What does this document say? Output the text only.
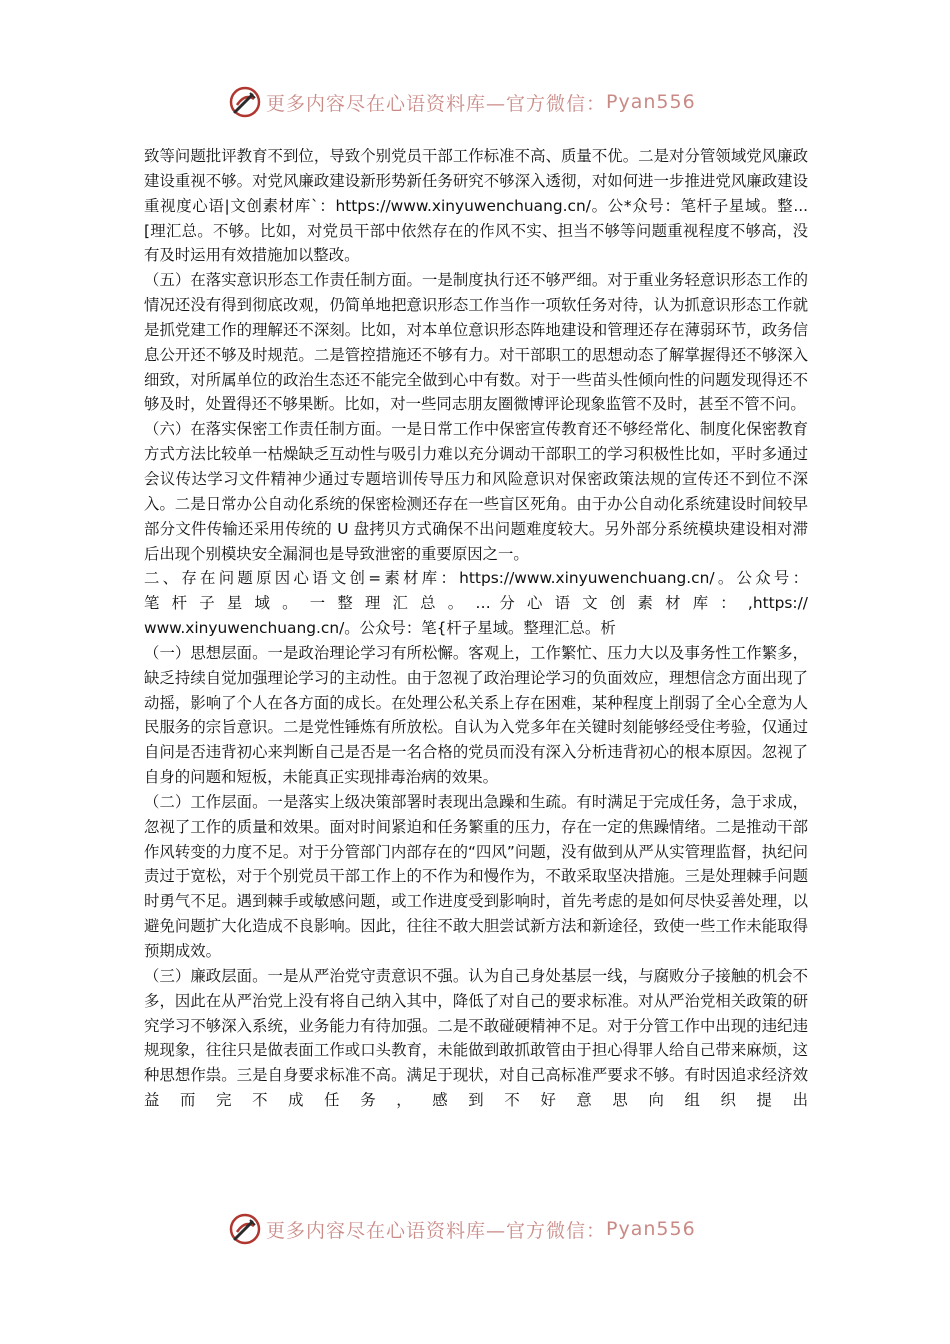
更多内容尽在心语资料库—官方微信： Pyan556

致等问题批评教育不到位，导致个别党员干部工作标准不高、质量不优。二是对分管领域党风廉政建设重视不够。对党风廉政建设新形势新任务研究不够深入透彻，对如何进一步推进党风廉政建设重视度心语|文创素材库`：https://www.xinyuwenchuang.cn/。公*众号：笔杆子星域。整...[理汇总。不够。比如，对党员干部中依然存在的作风不实、担当不够等问题重视程度不够高，没有及时运用有效措施加以整改。

（五）在落实意识形态工作责任制方面。一是制度执行还不够严细。对于重业务轻意识形态工作的情况还没有得到彻底改观，仍简单地把意识形态工作当作一项软任务对待，认为抓意识形态工作就是抓党建工作的理解还不深刻。比如，对本单位意识形态阵地建设和管理还存在薄弱环节，政务信息公开还不够及时规范。二是管控措施还不够有力。对干部职工的思想动态了解掌握得还不够深入细致，对所属单位的政治生态还不能完全做到心中有数。对于一些苗头性倾向性的问题发现得还不够及时，处置得还不够果断。比如，对一些同志朋友圈微博评论现象监管不及时，甚至不管不问。

（六）在落实保密工作责任制方面。一是日常工作中保密宣传教育还不够经常化、制度化保密教育方式方法比较单一枯燥缺乏互动性与吸引力难以充分调动干部职工的学习积极性比如，平时多通过会议传达学习文件精神少通过专题培训传导压力和风险意识对保密政策法规的宣传还不到位不深入。二是日常办公自动化系统的保密检测还存在一些盲区死角。由于办公自动化系统建设时间较早部分文件传输还采用传统的 U 盘拷贝方式确保不出问题难度较大。另外部分系统模块建设相对滞后出现个别模块安全漏洞也是导致泄密的重要原因之一。

二、存在问题原因心语文创=素材库：https://www.xinyuwenchuang.cn/。公众号：

笔 杆 子 星 域 。 一 整 理 汇 总 。 … 分 心 语 文 创 素 材 库 ： ,https://

www.xinyuwenchuang.cn/。公众号：笔{杆子星域。整理汇总。析

（一）思想层面。一是政治理论学习有所松懈。客观上，工作繁忙、压力大以及事务性工作繁多，缺乏持续自觉加强理论学习的主动性。由于忽视了政治理论学习的负面效应，理想信念方面出现了动摇，影响了个人在各方面的成长。在处理公私关系上存在困难，某种程度上削弱了全心全意为人民服务的宗旨意识。二是党性锤炼有所放松。自认为入党多年在关键时刻能够经受住考验，仅通过自问是否违背初心来判断自己是否是一名合格的党员而没有深入分析违背初心的根本原因。忽视了自身的问题和短板，未能真正实现排毒治病的效果。

（二）工作层面。一是落实上级决策部署时表现出急躁和生疏。有时满足于完成任务，急于求成，忽视了工作的质量和效果。面对时间紧迫和任务繁重的压力，存在一定的焦躁情绪。二是推动干部作风转变的力度不足。对于分管部门内部存在的“四风”问题，没有做到从严从实管理监督，执纪问责过于宽松，对于个别党员干部工作上的不作为和慢作为，不敢采取坚决措施。三是处理棘手问题时勇气不足。遇到棘手或敏感问题，或工作进度受到影响时，首先考虑的是如何尽快妥善处理，以避免问题扩大化造成不良影响。因此，往往不敢大胆尝试新方法和新途径，致使一些工作未能取得预期成效。

（三）廉政层面。一是从严治党守责意识不强。认为自己身处基层一线，与腐败分子接触的机会不多，因此在从严治党上没有将自己纳入其中，降低了对自己的要求标准。对从严治党相关政策的研究学习不够深入系统，业务能力有待加强。二是不敢碰硬精神不足。对于分管工作中出现的违纪违规现象，往往只是做表面工作或口头教育，未能做到敢抓敢管由于担心得罪人给自己带来麻烦，这种思想作祟。三是自身要求标准不高。满足于现状，对自己高标准严要求不够。有时因追求经济效益而完不成任务，感到不好意思向组织提出

更多内容尽在心语资料库—官方微信： Pyan556
